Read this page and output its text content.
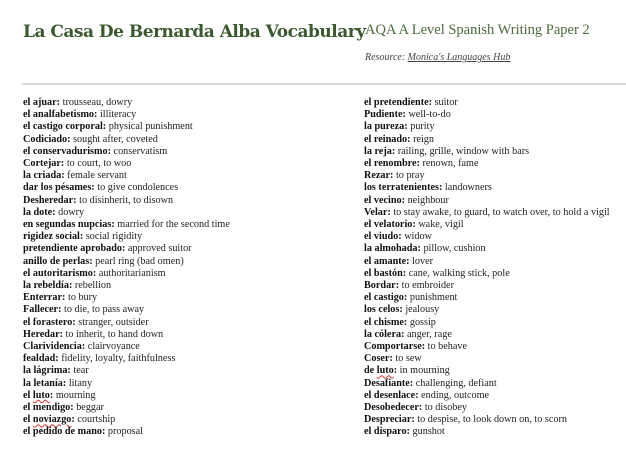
La Casa De Bernarda Alba Vocabulary AQA A Level Spanish Writing Paper 2
Resource: Monica's Languages Hub
el ajuar: trousseau, dowry
el analfabetismo: illiteracy
el castigo corporal: physical punishment
Codiciado: sought after, coveted
el conservadurismo: conservatism
Cortejar: to court, to woo
la criada: female servant
dar los pésames: to give condolences
Desheredar: to disinherit, to disown
la dote: dowry
en segundas nupcias: married for the second time
rigidez social: social rigidity
pretendiente aprobado: approved suitor
anillo de perlas: pearl ring (bad omen)
el autoritarismo: authoritarianism
la rebeldía: rebellion
Enterrar: to bury
Fallecer: to die, to pass away
el forastero: stranger, outsider
Heredar: to inherit, to hand down
Clarividencia: clairvoyance
fealdad: fidelity, loyalty, faithfulness
la lágrima: tear
la letanía: litany
el luto: mourning
el mendigo: beggar
el noviazgo: courtship
el pedido de mano: proposal
el pretendiente: suitor
Pudiente: well-to-do
la pureza: purity
el reinado: reign
la reja: railing, grille, window with bars
el renombre: renown, fame
Rezar: to pray
los terratenientes: landowners
el vecino: neighbour
Velar: to stay awake, to guard, to watch over, to hold a vigil
el velatorio: wake, vigil
el viudo: widow
la almohada: pillow, cushion
el amante: lover
el bastón: cane, walking stick, pole
Bordar: to embroider
el castigo: punishment
los celos: jealousy
el chisme: gossip
la cólera: anger, rage
Comportarse: to behave
Coser: to sew
de luto: in mourning
Desafiante: challenging, defiant
el desenlace: ending, outcome
Desobedecer: to disobey
Despreciar: to despise, to look down on, to scorn
el disparo: gunshot
